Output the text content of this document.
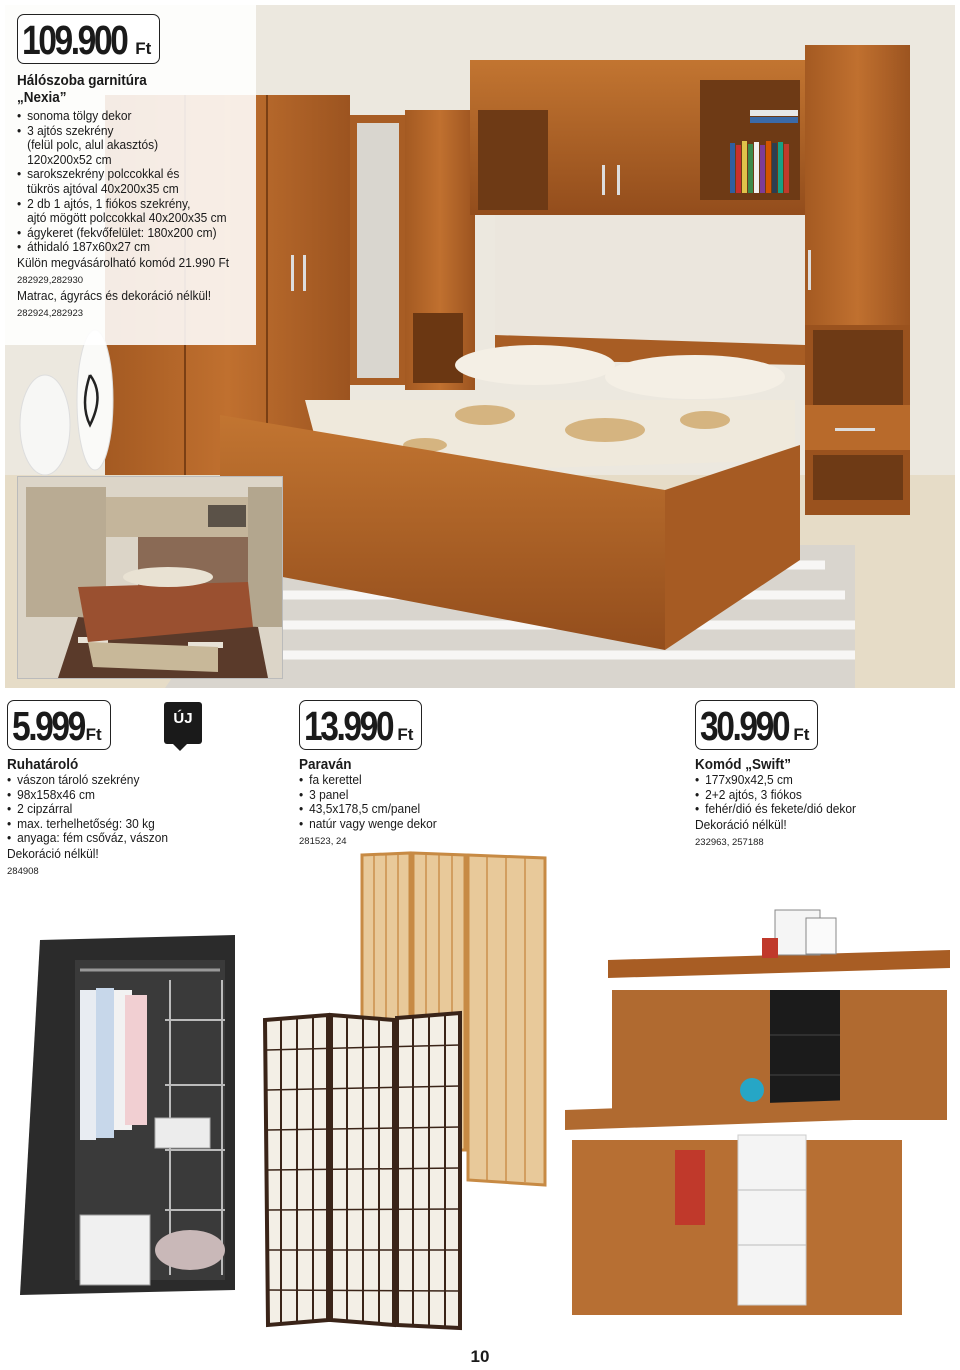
109.900 Ft
Hálószoba garnitúra
„Nexia”
• sonoma tölgy dekor
• 3 ajtós szekrény
(felül polc, alul akasztós)
120x200x52 cm
• sarokszekrény polccokkal és
tükrös ajtóval 40x200x35 cm
• 2 db 1 ajtós, 1 fiókos szekrény,
ajtó mögött polccokkal 40x200x35 cm
• ágykeret (fekvőfelület: 180x200 cm)
• áthidaló 187x60x27 cm
Külön megvásárolható komód 21.990 Ft
282929,282930
Matrac, ágyrács és dekoráció nélkül!
282924,282923
5.999 Ft
ÚJ
Ruhatároló
• vászon tároló szekrény
• 98x158x46 cm
• 2 cipzárral
• max. terhelhetőség: 30 kg
• anyaga: fém csőváz, vászon
Dekoráció nélkül!
284908
13.990 Ft
Paraván
• fa kerettel
• 3 panel
• 43,5x178,5 cm/panel
• natúr vagy wenge dekor
281523, 24
30.990 Ft
Komód „Swift”
• 177x90x42,5 cm
• 2+2 ajtós, 3 fiókos
• fehér/dió és fekete/dió dekor
Dekoráció nélkül!
232963, 257188
10
